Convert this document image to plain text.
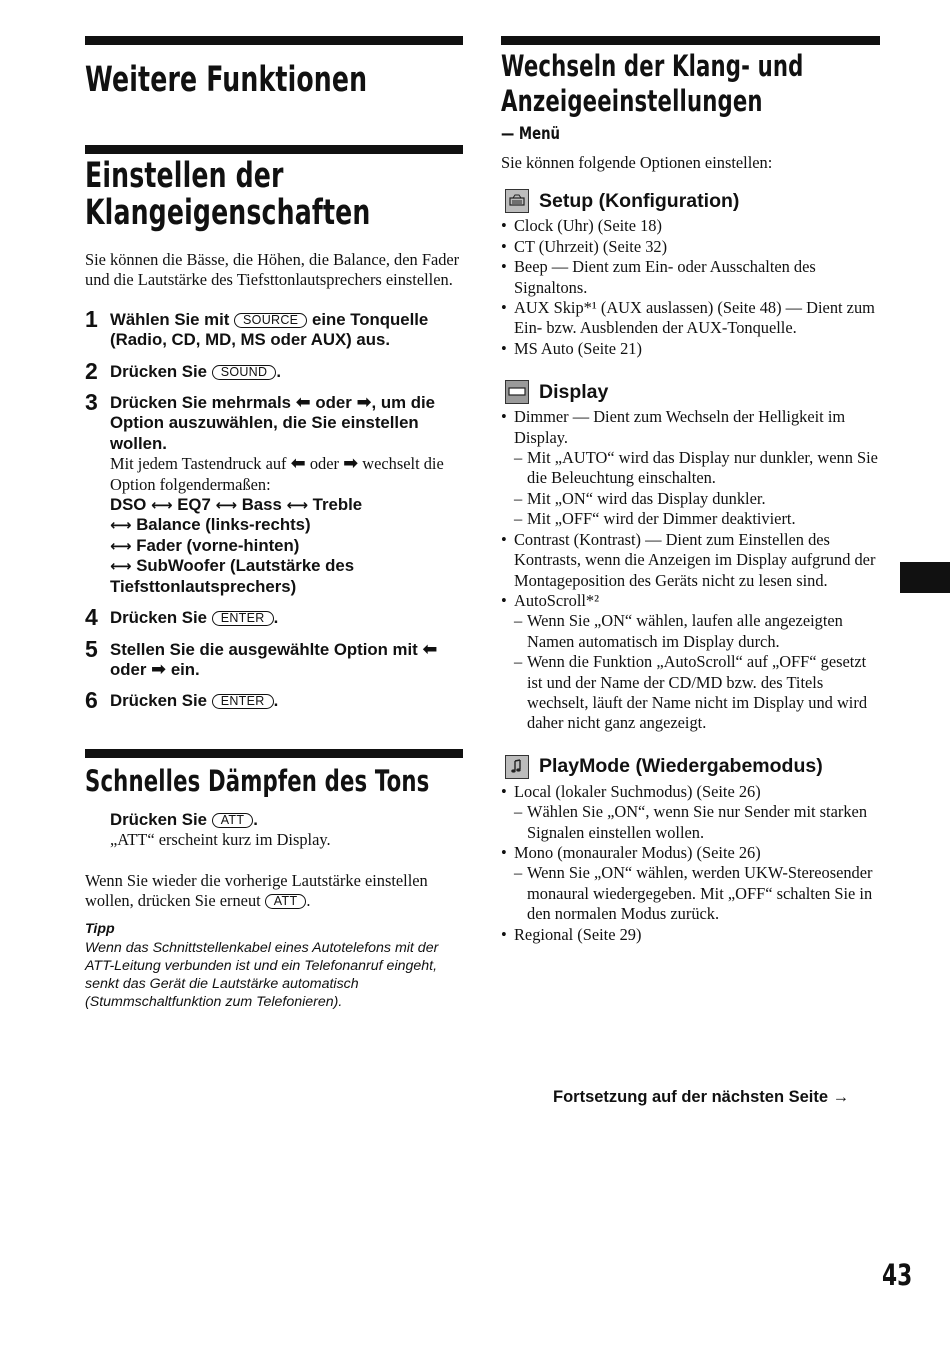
Weitere Funktionen
Einstellen der
Klangeigenschaften
Sie können die Bässe, die Höhen, die Balance, den Fader und die Lautstärke des Tiefsttonlautsprechers einstellen.
1 Wählen Sie mit SOURCE eine Tonquelle (Radio, CD, MD, MS oder AUX) aus.
2 Drücken Sie SOUND .
3 Drücken Sie mehrmals ⬅ oder ➡, um die Option auszuwählen, die Sie einstellen wollen.
Mit jedem Tastendruck auf ⬅ oder ➡ wechselt die Option folgendermaßen:
DSO ⟷ EQ7 ⟷ Bass ⟷ Treble
⟷ Balance (links-rechts)
⟷ Fader (vorne-hinten)
⟷ SubWoofer (Lautstärke des Tiefsttonlautsprechers)
4 Drücken Sie ENTER .
5 Stellen Sie die ausgewählte Option mit ⬅ oder ➡ ein.
6 Drücken Sie ENTER .
Schnelles Dämpfen des Tons
Drücken Sie ATT .
„ATT“ erscheint kurz im Display.
Wenn Sie wieder die vorherige Lautstärke einstellen wollen, drücken Sie erneut ATT .
Tipp
Wenn das Schnittstellenkabel eines Autotelefons mit der ATT-Leitung verbunden ist und ein Telefonanruf eingeht, senkt das Gerät die Lautstärke automatisch (Stummschaltfunktion zum Telefonieren).
Wechseln der Klang- und
Anzeigeeinstellungen
— Menü
Sie können folgende Optionen einstellen:
Setup (Konfiguration)
• Clock (Uhr) (Seite 18)
• CT (Uhrzeit) (Seite 32)
• Beep — Dient zum Ein- oder Ausschalten des Signaltons.
• AUX Skip*¹ (AUX auslassen) (Seite 48) — Dient zum Ein- bzw. Ausblenden der AUX-Tonquelle.
• MS Auto (Seite 21)
Display
• Dimmer — Dient zum Wechseln der Helligkeit im Display.
– Mit „AUTO“ wird das Display nur dunkler, wenn Sie die Beleuchtung einschalten.
– Mit „ON“ wird das Display dunkler.
– Mit „OFF“ wird der Dimmer deaktiviert.
• Contrast (Kontrast) — Dient zum Einstellen des Kontrasts, wenn die Anzeigen im Display aufgrund der Montageposition des Geräts nicht zu lesen sind.
• AutoScroll*²
– Wenn Sie „ON“ wählen, laufen alle angezeigten Namen automatisch im Display durch.
– Wenn die Funktion „AutoScroll“ auf „OFF“ gesetzt ist und der Name der CD/MD bzw. des Titels wechselt, läuft der Name nicht im Display und wird daher nicht ganz angezeigt.
PlayMode (Wiedergabemodus)
• Local (lokaler Suchmodus) (Seite 26)
– Wählen Sie „ON“, wenn Sie nur Sender mit starken Signalen einstellen wollen.
• Mono (monauraler Modus) (Seite 26)
– Wenn Sie „ON“ wählen, werden UKW-Stereosender monaural wiedergegeben. Mit „OFF“ schalten Sie in den normalen Modus zurück.
• Regional (Seite 29)
Fortsetzung auf der nächsten Seite →
43
